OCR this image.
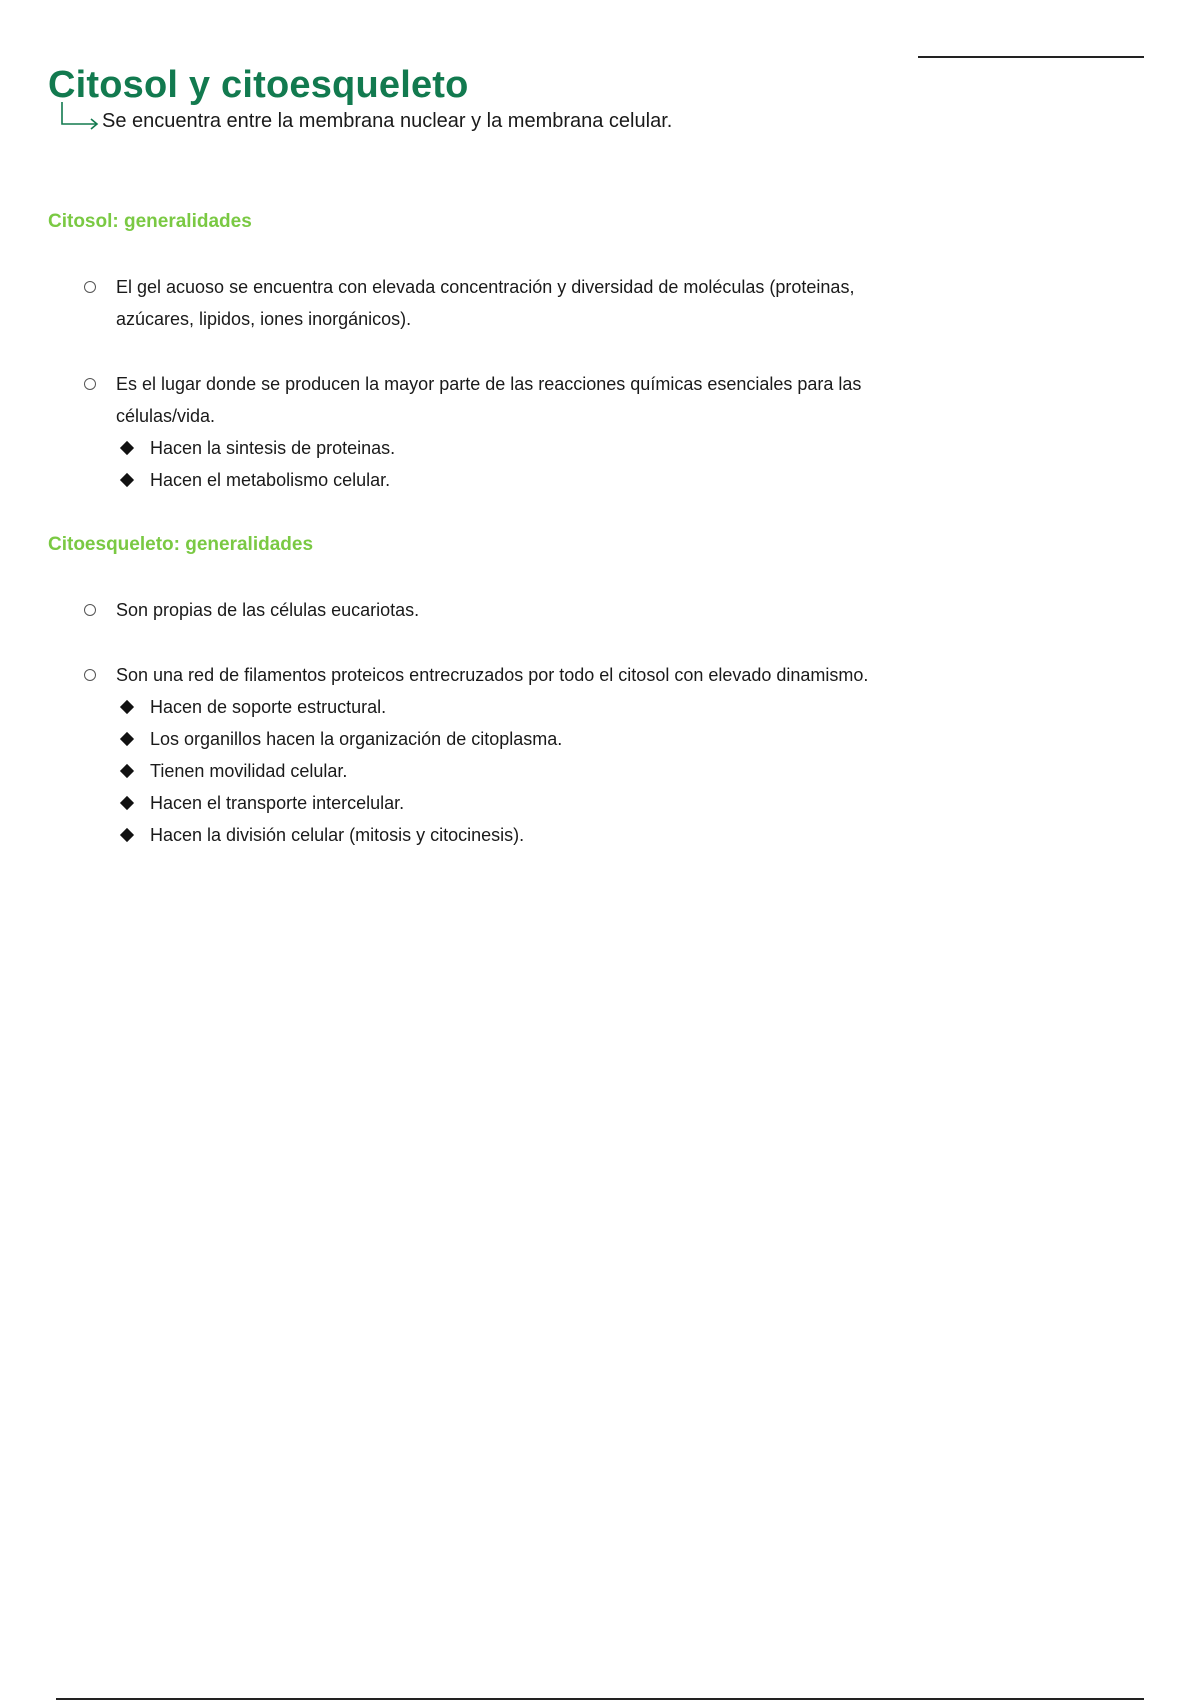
Citosol y citoesqueleto
Se encuentra entre la membrana nuclear y la membrana celular.
Citosol: generalidades
El gel acuoso se encuentra con elevada concentración y diversidad de moléculas (proteinas, azúcares, lipidos, iones inorgánicos).
Es el lugar donde se producen la mayor parte de las reacciones químicas esenciales para las células/vida.
Hacen la sintesis de proteinas.
Hacen el metabolismo celular.
Citoesqueleto: generalidades
Son propias de las células eucariotas.
Son una red de filamentos proteicos entrecruzados por todo el citosol con elevado dinamismo.
Hacen de soporte estructural.
Los organillos hacen la organización de citoplasma.
Tienen movilidad celular.
Hacen el transporte intercelular.
Hacen la división celular (mitosis y citocinesis).
